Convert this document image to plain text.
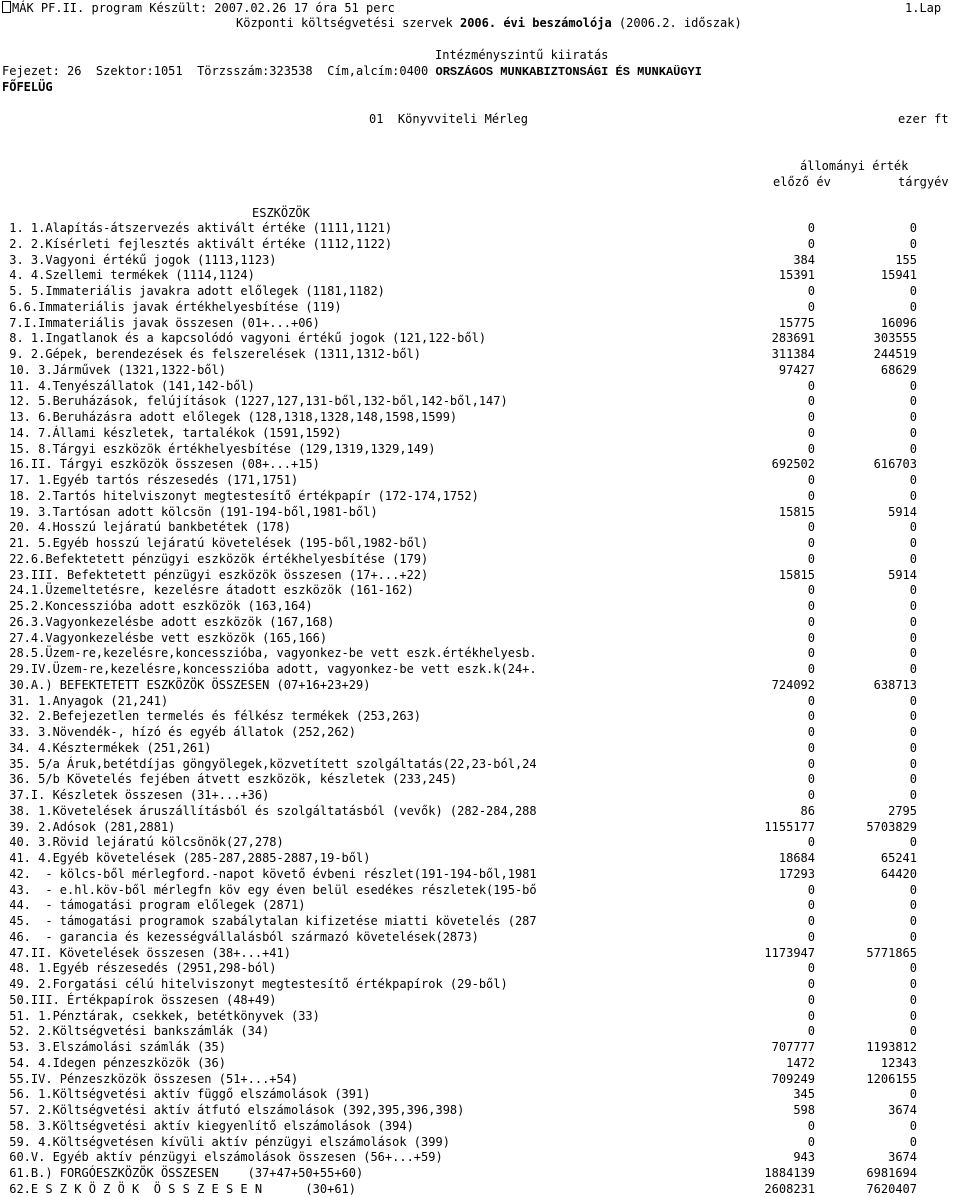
MÁK PF.II. program Készült: 2007.02.26 17 óra 51 perc	1.Lap
Központi költségvetési szervek 2006. évi beszámolója (2006.2. időszak)
Intézményszintű kiiratás
Fejezet: 26  Szektor:1051  Törzsszám:323538  Cím,alcím:0400 ORSZÁGOS MUNKABIZTONSÁGI ÉS MUNKAÜGYI
FŐFELÜG
01  Könyvviteli Mérleg	ezer ft
állományi érték
előző év	tárgyév
ESZKÖZÖK
1. 1.Alapítás-átszervezés aktivált értéke (1111,1121)	0	0
2. 2.Kísérleti fejlesztés aktivált értéke (1112,1122)	0	0
3. 3.Vagyoni értékű jogok (1113,1123)	384	155
4. 4.Szellemi termékek (1114,1124)	15391	15941
5. 5.Immateriális javakra adott előlegek (1181,1182)	0	0
6.6.Immateriális javak értékhelyesbítése (119)	0	0
7.I.Immateriális javak összesen (01+...+06)	15775	16096
8. 1.Ingatlanok és a kapcsolódó vagyoni értékű jogok (121,122-ből)	283691	303555
9. 2.Gépek, berendezések és felszerelések (1311,1312-ből)	311384	244519
10. 3.Járművek (1321,1322-ből)	97427	68629
11. 4.Tenyészállatok (141,142-ből)	0	0
12. 5.Beruházások, felújítások (1227,127,131-ből,132-ből,142-ből,147)	0	0
13. 6.Beruházásra adott előlegek (128,1318,1328,148,1598,1599)	0	0
14. 7.Állami készletek, tartalékok (1591,1592)	0	0
15. 8.Tárgyi eszközök értékhelyesbítése (129,1319,1329,149)	0	0
16.II. Tárgyi eszközök összesen (08+...+15)	692502	616703
17. 1.Egyéb tartós részesedés (171,1751)	0	0
18. 2.Tartós hitelviszonyt megtestesítő értékpapír (172-174,1752)	0	0
19. 3.Tartósan adott kölcsön (191-194-ből,1981-ből)	15815	5914
20. 4.Hosszú lejáratú bankbetétek (178)	0	0
21. 5.Egyéb hosszú lejáratú követelések (195-ből,1982-ből)	0	0
22.6.Befektetett pénzügyi eszközök értékhelyesbítése (179)	0	0
23.III. Befektetett pénzügyi eszközök összesen (17+...+22)	15815	5914
24.1.Üzemeltetésre, kezelésre átadott eszközök (161-162)	0	0
25.2.Koncesszióba adott eszközök (163,164)	0	0
26.3.Vagyonkezelésbe adott eszközök (167,168)	0	0
27.4.Vagyonkezelésbe vett eszközök (165,166)	0	0
28.5.Üzem-re,kezelésre,koncesszióba, vagyonkez-be vett eszk.értékhelyesb.	0	0
29.IV.Üzem-re,kezelésre,koncesszióba adott, vagyonkez-be vett eszk.k(24+.	0	0
30.A.) BEFEKTETETT ESZKÖZÖK ÖSSZESEN (07+16+23+29)	724092	638713
31. 1.Anyagok (21,241)	0	0
32. 2.Befejezetlen termelés és félkész termékek (253,263)	0	0
33. 3.Növendék-, hízó és egyéb állatok (252,262)	0	0
34. 4.Késztermékek (251,261)	0	0
35. 5/a Áruk,betétdíjas göngyölegek,közvetített szolgáltatás(22,23-ból,24	0	0
36. 5/b Követelés fejében átvett eszközök, készletek (233,245)	0	0
37.I. Készletek összesen (31+...+36)	0	0
38. 1.Követelések áruszállításból és szolgáltatásból (vevők) (282-284,288	86	2795
39. 2.Adósok (281,2881)	1155177	5703829
40. 3.Rövid lejáratú kölcsönök(27,278)	0	0
41. 4.Egyéb követelések (285-287,2885-2887,19-ből)	18684	65241
42.  - kölcs-ből mérlegford.-napot követő évbeni részlet(191-194-ből,1981	17293	64420
43.  - e.hl.köv-ből mérlegfn köv egy éven belül esedékes részletek(195-bő	0	0
44.  - támogatási program előlegek (2871)	0	0
45.  - támogatási programok szabálytalan kifizetése miatti követelés (287	0	0
46.  - garancia és kezességvállalásból származó követelések(2873)	0	0
47.II. Követelések összesen (38+...+41)	1173947	5771865
48. 1.Egyéb részesedés (2951,298-ból)	0	0
49. 2.Forgatási célú hitelviszonyt megtestesítő értékpapírok (29-ből)	0	0
50.III. Értékpapírok összesen (48+49)	0	0
51. 1.Pénztárak, csekkek, betétkönyvek (33)	0	0
52. 2.Költségvetési bankszámlák (34)	0	0
53. 3.Elszámolási számlák (35)	707777	1193812
54. 4.Idegen pénzeszközök (36)	1472	12343
55.IV. Pénzeszközök összesen (51+...+54)	709249	1206155
56. 1.Költségvetési aktív függő elszámolások (391)	345	0
57. 2.Költségvetési aktív átfutó elszámolások (392,395,396,398)	598	3674
58. 3.Költségvetési aktív kiegyenlítő elszámolások (394)	0	0
59. 4.Költségvetésen kívüli aktív pénzügyi elszámolások (399)	0	0
60.V. Egyéb aktív pénzügyi elszámolások összesen (56+...+59)	943	3674
61.B.) FORGÓESZKÖZÖK ÖSSZESEN    (37+47+50+55+60)	1884139	6981694
62.E S Z K Ö Z Ö K  Ö S S Z E S E N      (30+61)	2608231	7620407
